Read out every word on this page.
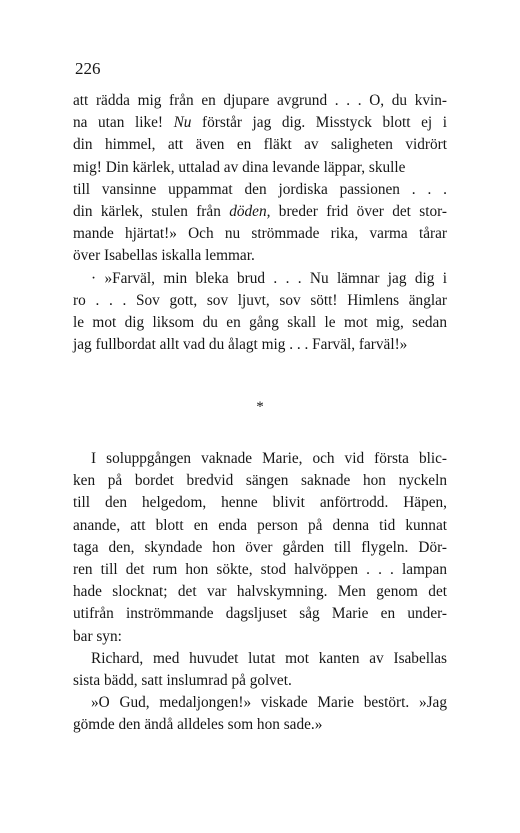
226
att rädda mig från en djupare avgrund . . . O, du kvin-
na utan like! Nu förstår jag dig. Misstyck blott ej i
din himmel, att även en fläkt av saligheten vidrört
mig! Din kärlek, uttalad av dina levande läppar, skulle
till vansinne uppammat den jordiska passionen . . .
din kärlek, stulen från döden, breder frid över det stor-
mande hjärtat!» Och nu strömmade rika, varma tårar
över Isabellas iskalla lemmar.
· »Farväl, min bleka brud . . . Nu lämnar jag dig i
ro . . . Sov gott, sov ljuvt, sov sött! Himlens änglar
le mot dig liksom du en gång skall le mot mig, sedan
jag fullbordat allt vad du ålagt mig . . . Farväl, farväl!»
*
I soluppgången vaknade Marie, och vid första blic-
ken på bordet bredvid sängen saknade hon nyckeln
till den helgedom, henne blivit anförtrodd. Häpen,
anande, att blott en enda person på denna tid kunnat
taga den, skyndade hon över gården till flygeln. Dör-
ren till det rum hon sökte, stod halvöppen . . . lampan
hade slocknat; det var halvskymning. Men genom det
utifrån inströmmande dagsljuset såg Marie en under-
bar syn:
Richard, med huvudet lutat mot kanten av Isabellas
sista bädd, satt inslumrad på golvet.
»O Gud, medaljongen!» viskade Marie bestört. »Jag
gömde den ändå alldeles som hon sade.»
